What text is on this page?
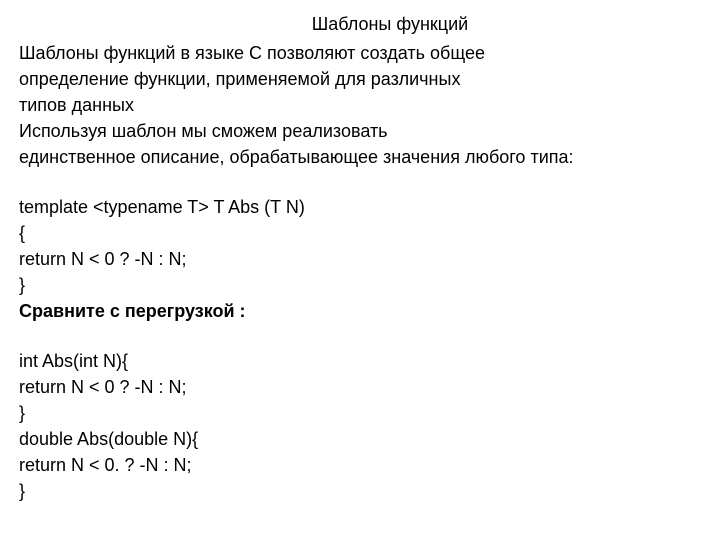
Шаблоны функций
Шаблоны функций в языке С позволяют создать общее
определение функции, применяемой для различных
типов данных
Используя шаблон мы сможем реализовать
единственное описание, обрабатывающее значения любого типа:
template <typename T> T Abs (T N)
{
return N < 0 ? -N : N;
}
Сравните с перегрузкой :
int Abs(int N){
return N < 0 ? -N : N;
}
double Abs(double N){
return N < 0. ? -N : N;
}
